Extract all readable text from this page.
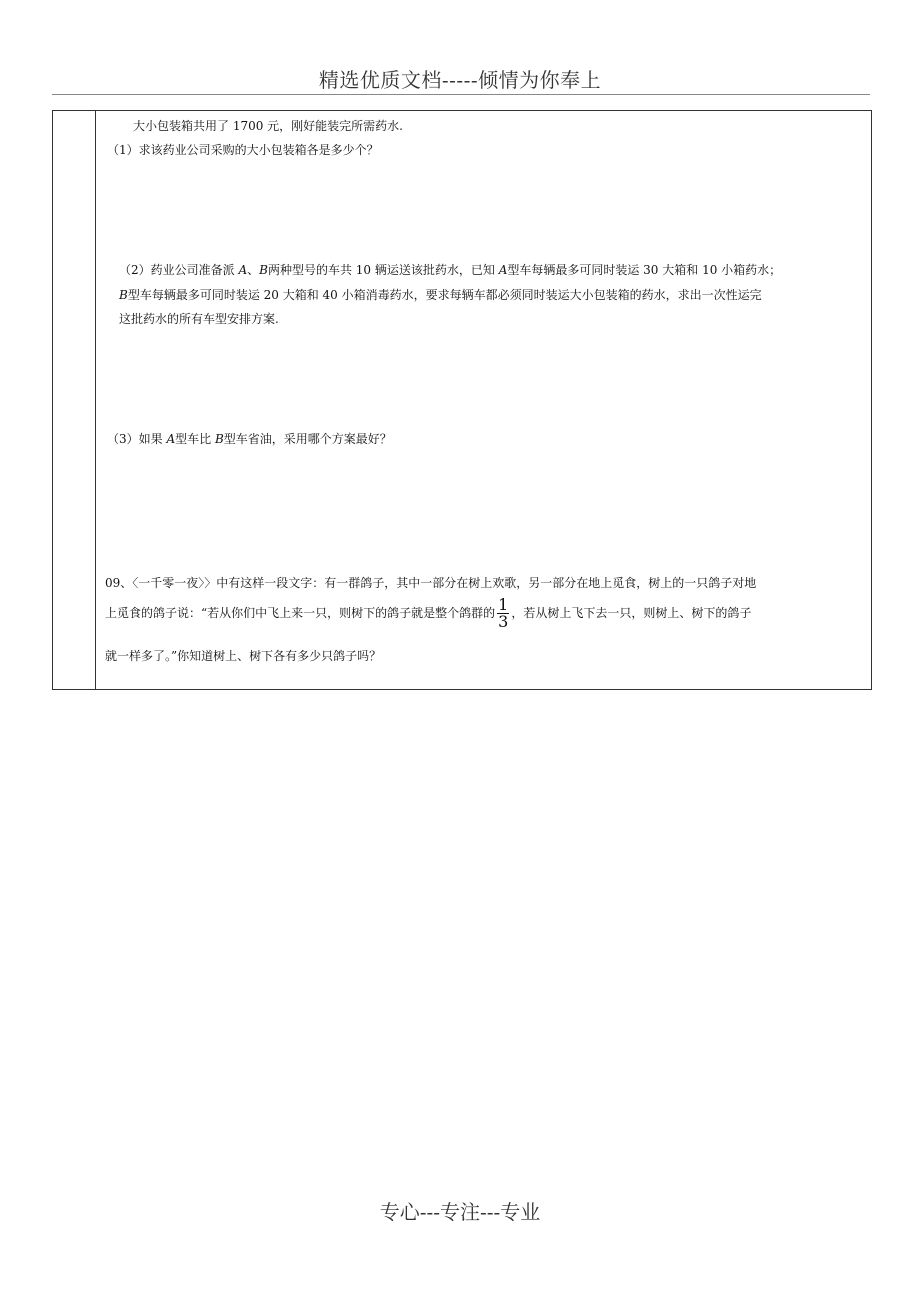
精选优质文档-----倾情为你奉上
大小包装箱共用了 1700 元，刚好能装完所需药水.
（1）求该药业公司采购的大小包装箱各是多少个？
（2）药业公司准备派 A、B两种型号的车共 10 辆运送该批药水，已知 A型车每辆最多可同时装运 30 大箱和 10 小箱药水；
B型车每辆最多可同时装运 20 大箱和 40 小箱消毒药水，要求每辆车都必须同时装运大小包装箱的药水，求出一次性运完
这批药水的所有车型安排方案.
（3）如果 A型车比 B型车省油，采用哪个方案最好？
09、〈一千零一夜〉〉中有这样一段文字：有一群鸽子，其中一部分在树上欢歌，另一部分在地上觅食，树上的一只鸽子对地
上觅食的鸽子说：“若从你们中飞上来一只，则树下的鸽子就是整个鸽群的 $\frac{1}{3}$ ，若从树上飞下去一只，则树上、树下的鸽子
就一样多了。”你知道树上、树下各有多少只鸽子吗？
专心---专注---专业
